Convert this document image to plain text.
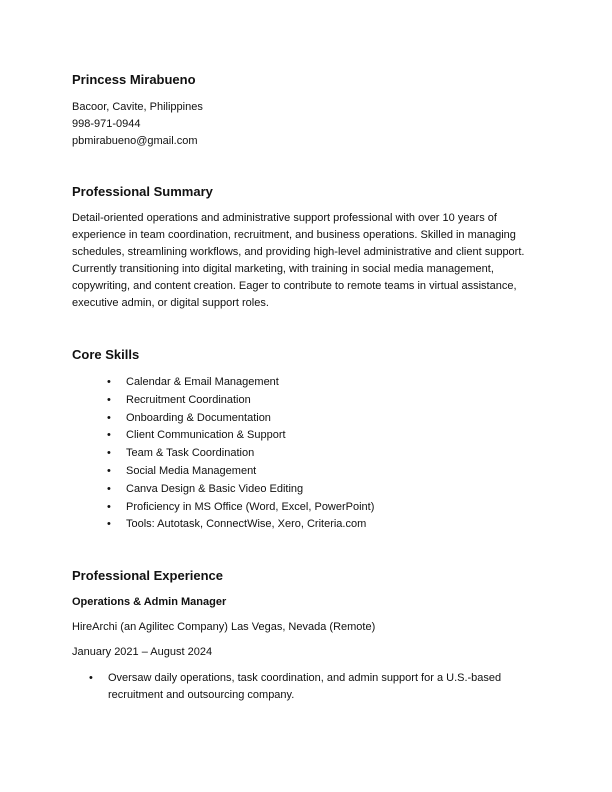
Princess Mirabueno
Bacoor, Cavite, Philippines
998-971-0944
pbmirabueno@gmail.com
Professional Summary

Detail-oriented operations and administrative support professional with over 10 years of experience in team coordination, recruitment, and business operations. Skilled in managing schedules, streamlining workflows, and providing high-level administrative and client support. Currently transitioning into digital marketing, with training in social media management, copywriting, and content creation. Eager to contribute to remote teams in virtual assistance, executive admin, or digital support roles.

Core Skills
• Calendar & Email Management
• Recruitment Coordination
• Onboarding & Documentation
• Client Communication & Support
• Team & Task Coordination
• Social Media Management
• Canva Design & Basic Video Editing
• Proficiency in MS Office (Word, Excel, PowerPoint)
• Tools: Autotask, ConnectWise, Xero, Criteria.com
Professional Experience
Operations & Admin Manager

HireArchi (an Agilitec Company) Las Vegas, Nevada (Remote)

January 2021 – August 2024

• Oversaw daily operations, task coordination, and admin support for a U.S.-based recruitment and outsourcing company.
